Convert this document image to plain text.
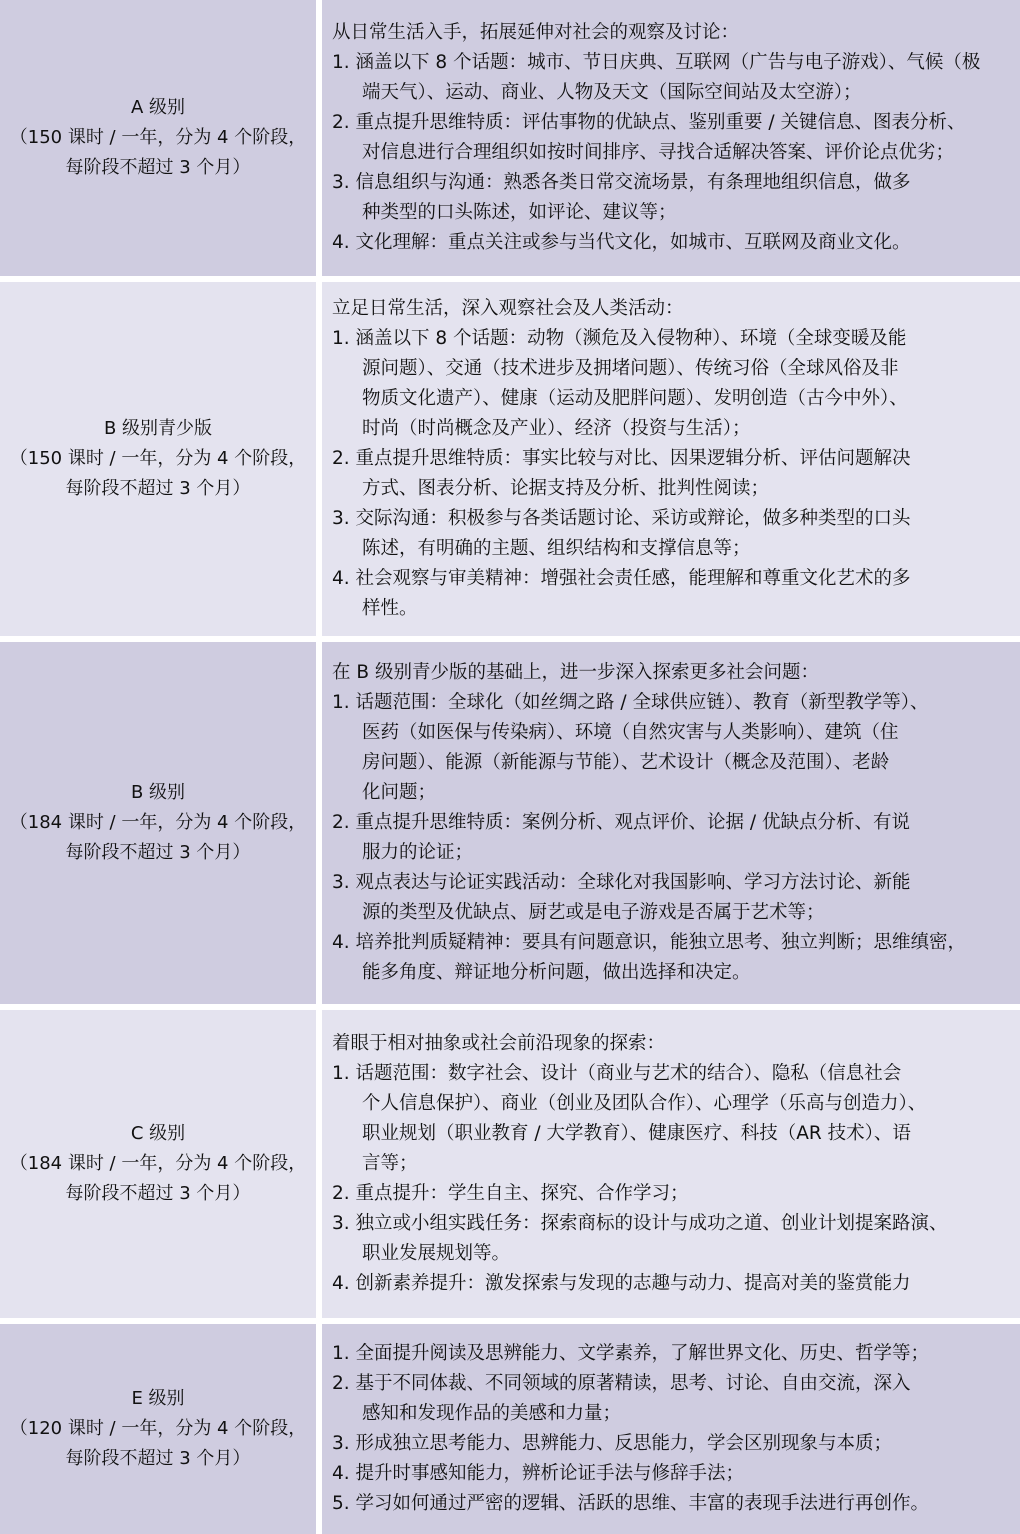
A 级别
（150 课时 / 一年，分为 4 个阶段，
每阶段不超过 3 个月）
从日常生活入手，拓展延伸对社会的观察及讨论：
1. 涵盖以下 8 个话题：城市、节日庆典、互联网（广告与电子游戏）、气候（极
端天气）、运动、商业、人物及天文（国际空间站及太空游）；
2. 重点提升思维特质：评估事物的优缺点、鉴别重要 / 关键信息、图表分析、
对信息进行合理组织如按时间排序、寻找合适解决答案、评价论点优劣；
3. 信息组织与沟通：熟悉各类日常交流场景，有条理地组织信息，做多
种类型的口头陈述，如评论、建议等；
4. 文化理解：重点关注或参与当代文化，如城市、互联网及商业文化。
B 级别青少版
（150 课时 / 一年，分为 4 个阶段，
每阶段不超过 3 个月）
立足日常生活，深入观察社会及人类活动：
1. 涵盖以下 8 个话题：动物（濒危及入侵物种）、环境（全球变暖及能
源问题）、交通（技术进步及拥堵问题）、传统习俗（全球风俗及非
物质文化遗产）、健康（运动及肥胖问题）、发明创造（古今中外）、
时尚（时尚概念及产业）、经济（投资与生活）；
2. 重点提升思维特质：事实比较与对比、因果逻辑分析、评估问题解决
方式、图表分析、论据支持及分析、批判性阅读；
3. 交际沟通：积极参与各类话题讨论、采访或辩论，做多种类型的口头
陈述，有明确的主题、组织结构和支撑信息等；
4. 社会观察与审美精神：增强社会责任感，能理解和尊重文化艺术的多
样性。
B 级别
（184 课时 / 一年，分为 4 个阶段，
每阶段不超过 3 个月）
在 B 级别青少版的基础上，进一步深入探索更多社会问题：
1. 话题范围：全球化（如丝绸之路 / 全球供应链）、教育（新型教学等）、
医药（如医保与传染病）、环境（自然灾害与人类影响）、建筑（住
房问题）、能源（新能源与节能）、艺术设计（概念及范围）、老龄
化问题；
2. 重点提升思维特质：案例分析、观点评价、论据 / 优缺点分析、有说
服力的论证；
3. 观点表达与论证实践活动：全球化对我国影响、学习方法讨论、新能
源的类型及优缺点、厨艺或是电子游戏是否属于艺术等；
4. 培养批判质疑精神：要具有问题意识，能独立思考、独立判断；思维缜密，
能多角度、辩证地分析问题，做出选择和决定。
C 级别
（184 课时 / 一年，分为 4 个阶段，
每阶段不超过 3 个月）
着眼于相对抽象或社会前沿现象的探索：
1. 话题范围：数字社会、设计（商业与艺术的结合）、隐私（信息社会
个人信息保护）、商业（创业及团队合作）、心理学（乐高与创造力）、
职业规划（职业教育 / 大学教育）、健康医疗、科技（AR 技术）、语
言等；
2. 重点提升：学生自主、探究、合作学习；
3. 独立或小组实践任务：探索商标的设计与成功之道、创业计划提案路演、
职业发展规划等。
4. 创新素养提升：激发探索与发现的志趣与动力、提高对美的鉴赏能力
E 级别
（120 课时 / 一年，分为 4 个阶段，
每阶段不超过 3 个月）
1. 全面提升阅读及思辨能力、文学素养，了解世界文化、历史、哲学等；
2. 基于不同体裁、不同领域的原著精读，思考、讨论、自由交流，深入
感知和发现作品的美感和力量；
3. 形成独立思考能力、思辨能力、反思能力，学会区别现象与本质；
4. 提升时事感知能力，辨析论证手法与修辞手法；
5. 学习如何通过严密的逻辑、活跃的思维、丰富的表现手法进行再创作。
